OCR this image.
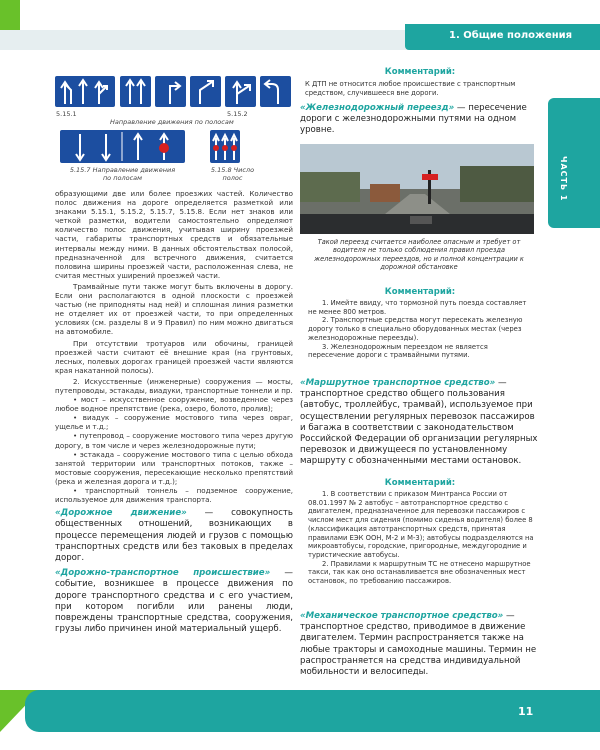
1. Общие положения
ЧАСТЬ 1
5.15.1	5.15.2
Направление движения по полосам
5.15.7 Направление движения по полосам
5.15.8 Число полос

образующими две или более проезжих частей. Количество полос движения на дороге определяется разметкой или знаками 5.15.1, 5.15.2, 5.15.7, 5.15.8. Если нет знаков или четкой разметки, водители самостоятельно определяют количество полос движения, учитывая ширину проезжей части, габариты транспортных средств и обязательные интервалы между ними. В данных обстоятельствах полосой, предназначенной для встречного движения, считается половина ширины проезжей части, расположенная слева, не считая местных уширений проезжей части.

Трамвайные пути также могут быть включены в дорогу. Если они располагаются в одной плоскости с проезжей частью (не приподняты над ней) и сплошная линия разметки не отделяет их от проезжей части, то при определенных условиях (см. разделы 8 и 9 Правил) по ним можно двигаться на автомобиле.

При отсутствии тротуаров или обочины, границей проезжей части считают её внешние края (на грунтовых, лесных, полевых дорогах границей проезжей части являются края накатанной полосы).

2. Искусственные (инженерные) сооружения — мосты, путепроводы, эстакады, виадуки, транспортные тоннели и пр.

• мост – искусственное сооружение, возведенное через любое водное препятствие (река, озеро, болото, пролив);

• виадук – сооружение мостового типа через овраг, ущелье и т.д.;

• путепровод – сооружение мостового типа через другую дорогу, в том числе и через железнодорожные пути;

• эстакада – сооружение мостового типа с целью обхода занятой территории или транспортных потоков, также – мостовые сооружения, пересекающие несколько препятствий (река и железная дорога и т.д.);

• транспортный тоннель – подземное сооружение, используемое для движения транспорта.

«Дорожное движение» — совокупность общественных отношений, возникающих в процессе перемещения людей и грузов с помощью транспортных средств или без таковых в пределах дорог.

«Дорожно-транспортное происшествие» — событие, возникшее в процессе движения по дороге транспортного средства и с его участием, при котором погибли или ранены люди, повреждены транспортные средства, сооружения, грузы либо причинен иной материальный ущерб.

Комментарий:
К ДТП не относится любое происшествие с транспортным средством, случившееся вне дороги.
«Железнодорожный переезд» — пересечение дороги с железнодорожными путями на одном уровне.
Такой переезд считается наиболее опасным и требует от водителя не только соблюдения правил проезда железнодорожных переездов, но и полной концентрации к дорожной обстановке
Комментарий:

1. Имейте ввиду, что тормозной путь поезда составляет не менее 800 метров.

2. Транспортные средства могут пересекать железную дорогу только в специально оборудованных местах (через железнодорожные переезды).

3. Железнодорожным переездом не является пересечение дороги с трамвайными путями.

«Маршрутное транспортное средство» — транспортное средство общего пользования (автобус, троллейбус, трамвай), используемое при осуществлении регулярных перевозок пассажиров и багажа в соответствии с законодательством Российской Федерации об организации регулярных перевозок и движущееся по установленному маршруту с обозначенными местами остановок.
Комментарий:

1. В соответствии с приказом Минтранса России от 08.01.1997 № 2 автобус – автотранспортное средство с двигателем, предназначенное для перевозки пассажиров с числом мест для сидения (помимо сиденья водителя) более 8 (классификация автотранспортных средств, принятая правилами ЕЭК ООН, М-2 и М-3); автобусы подразделяются на микроавтобусы, городские, пригородные, междугородние и туристические автобусы.

2. Правилами к маршрутным ТС не отнесено маршрутное такси, так как оно останавливается вне обозначенных мест остановок, по требованию пассажиров.

«Механическое транспортное средство» — транспортное средство, приводимое в движение двигателем. Термин распространяется также на любые тракторы и самоходные машины. Термин не распространяется на средства индивидуальной мобильности и велосипеды.
11
